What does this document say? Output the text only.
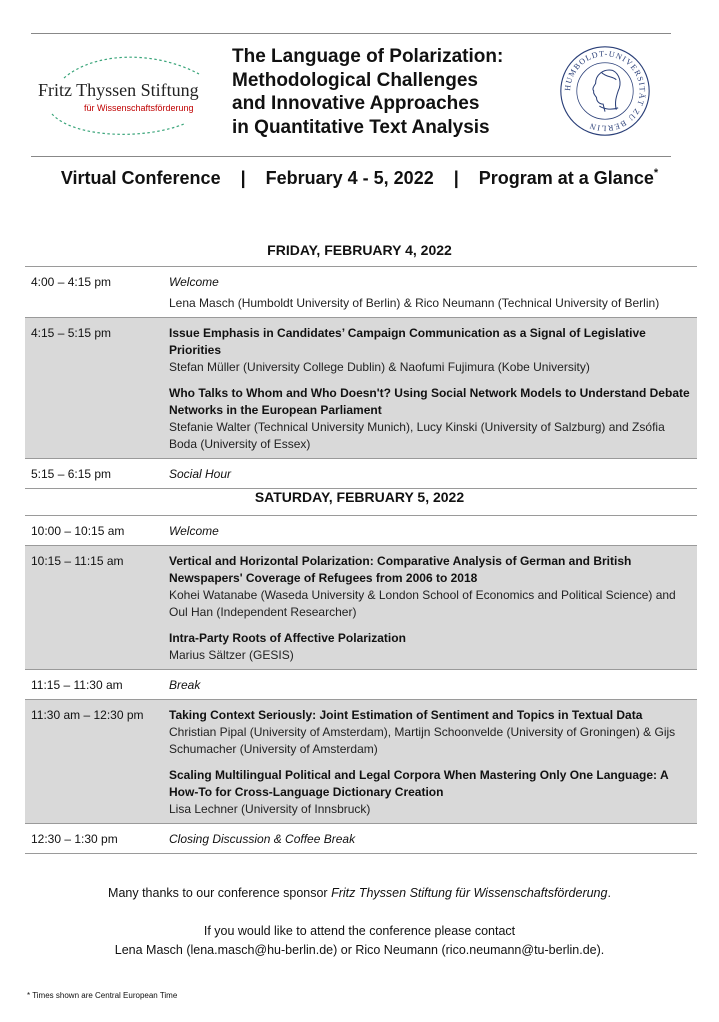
Fritz Thyssen Stiftung
für Wissenschaftsförderung
The Language of Polarization:
Methodological Challenges
and Innovative Approaches
in Quantitative Text Analysis
HUMBOLDT-UNIVERSITÄT ZU BERLIN
Virtual Conference | February 4 - 5, 2022 | Program at a Glance*
FRIDAY, FEBRUARY 4, 2022
4:00 – 4:15 pm	Welcome
Lena Masch (Humboldt University of Berlin) & Rico Neumann (Technical University of Berlin)
4:15 – 5:15 pm	Issue Emphasis in Candidates’ Campaign Communication as a Signal of Legislative Priorities
Stefan Müller (University College Dublin) & Naofumi Fujimura (Kobe University)
Who Talks to Whom and Who Doesn't? Using Social Network Models to Understand Debate Networks in the European Parliament
Stefanie Walter (Technical University Munich), Lucy Kinski (University of Salzburg) and Zsófia Boda (University of Essex)
5:15 – 6:15 pm	Social Hour
SATURDAY, FEBRUARY 5, 2022
10:00 – 10:15 am	Welcome
10:15 – 11:15 am	Vertical and Horizontal Polarization: Comparative Analysis of German and British Newspapers' Coverage of Refugees from 2006 to 2018
Kohei Watanabe (Waseda University & London School of Economics and Political Science) and Oul Han (Independent Researcher)
Intra-Party Roots of Affective Polarization
Marius Sältzer (GESIS)
11:15 – 11:30 am	Break
11:30 am – 12:30 pm Taking Context Seriously: Joint Estimation of Sentiment and Topics in Textual Data
Christian Pipal (University of Amsterdam), Martijn Schoonvelde (University of Groningen) & Gijs Schumacher (University of Amsterdam)
Scaling Multilingual Political and Legal Corpora When Mastering Only One Language: A How-To for Cross-Language Dictionary Creation
Lisa Lechner (University of Innsbruck)
12:30 – 1:30 pm	Closing Discussion & Coffee Break
Many thanks to our conference sponsor Fritz Thyssen Stiftung für Wissenschaftsförderung.
If you would like to attend the conference please contact
Lena Masch (lena.masch@hu-berlin.de) or Rico Neumann (rico.neumann@tu-berlin.de).
* Times shown are Central European Time
